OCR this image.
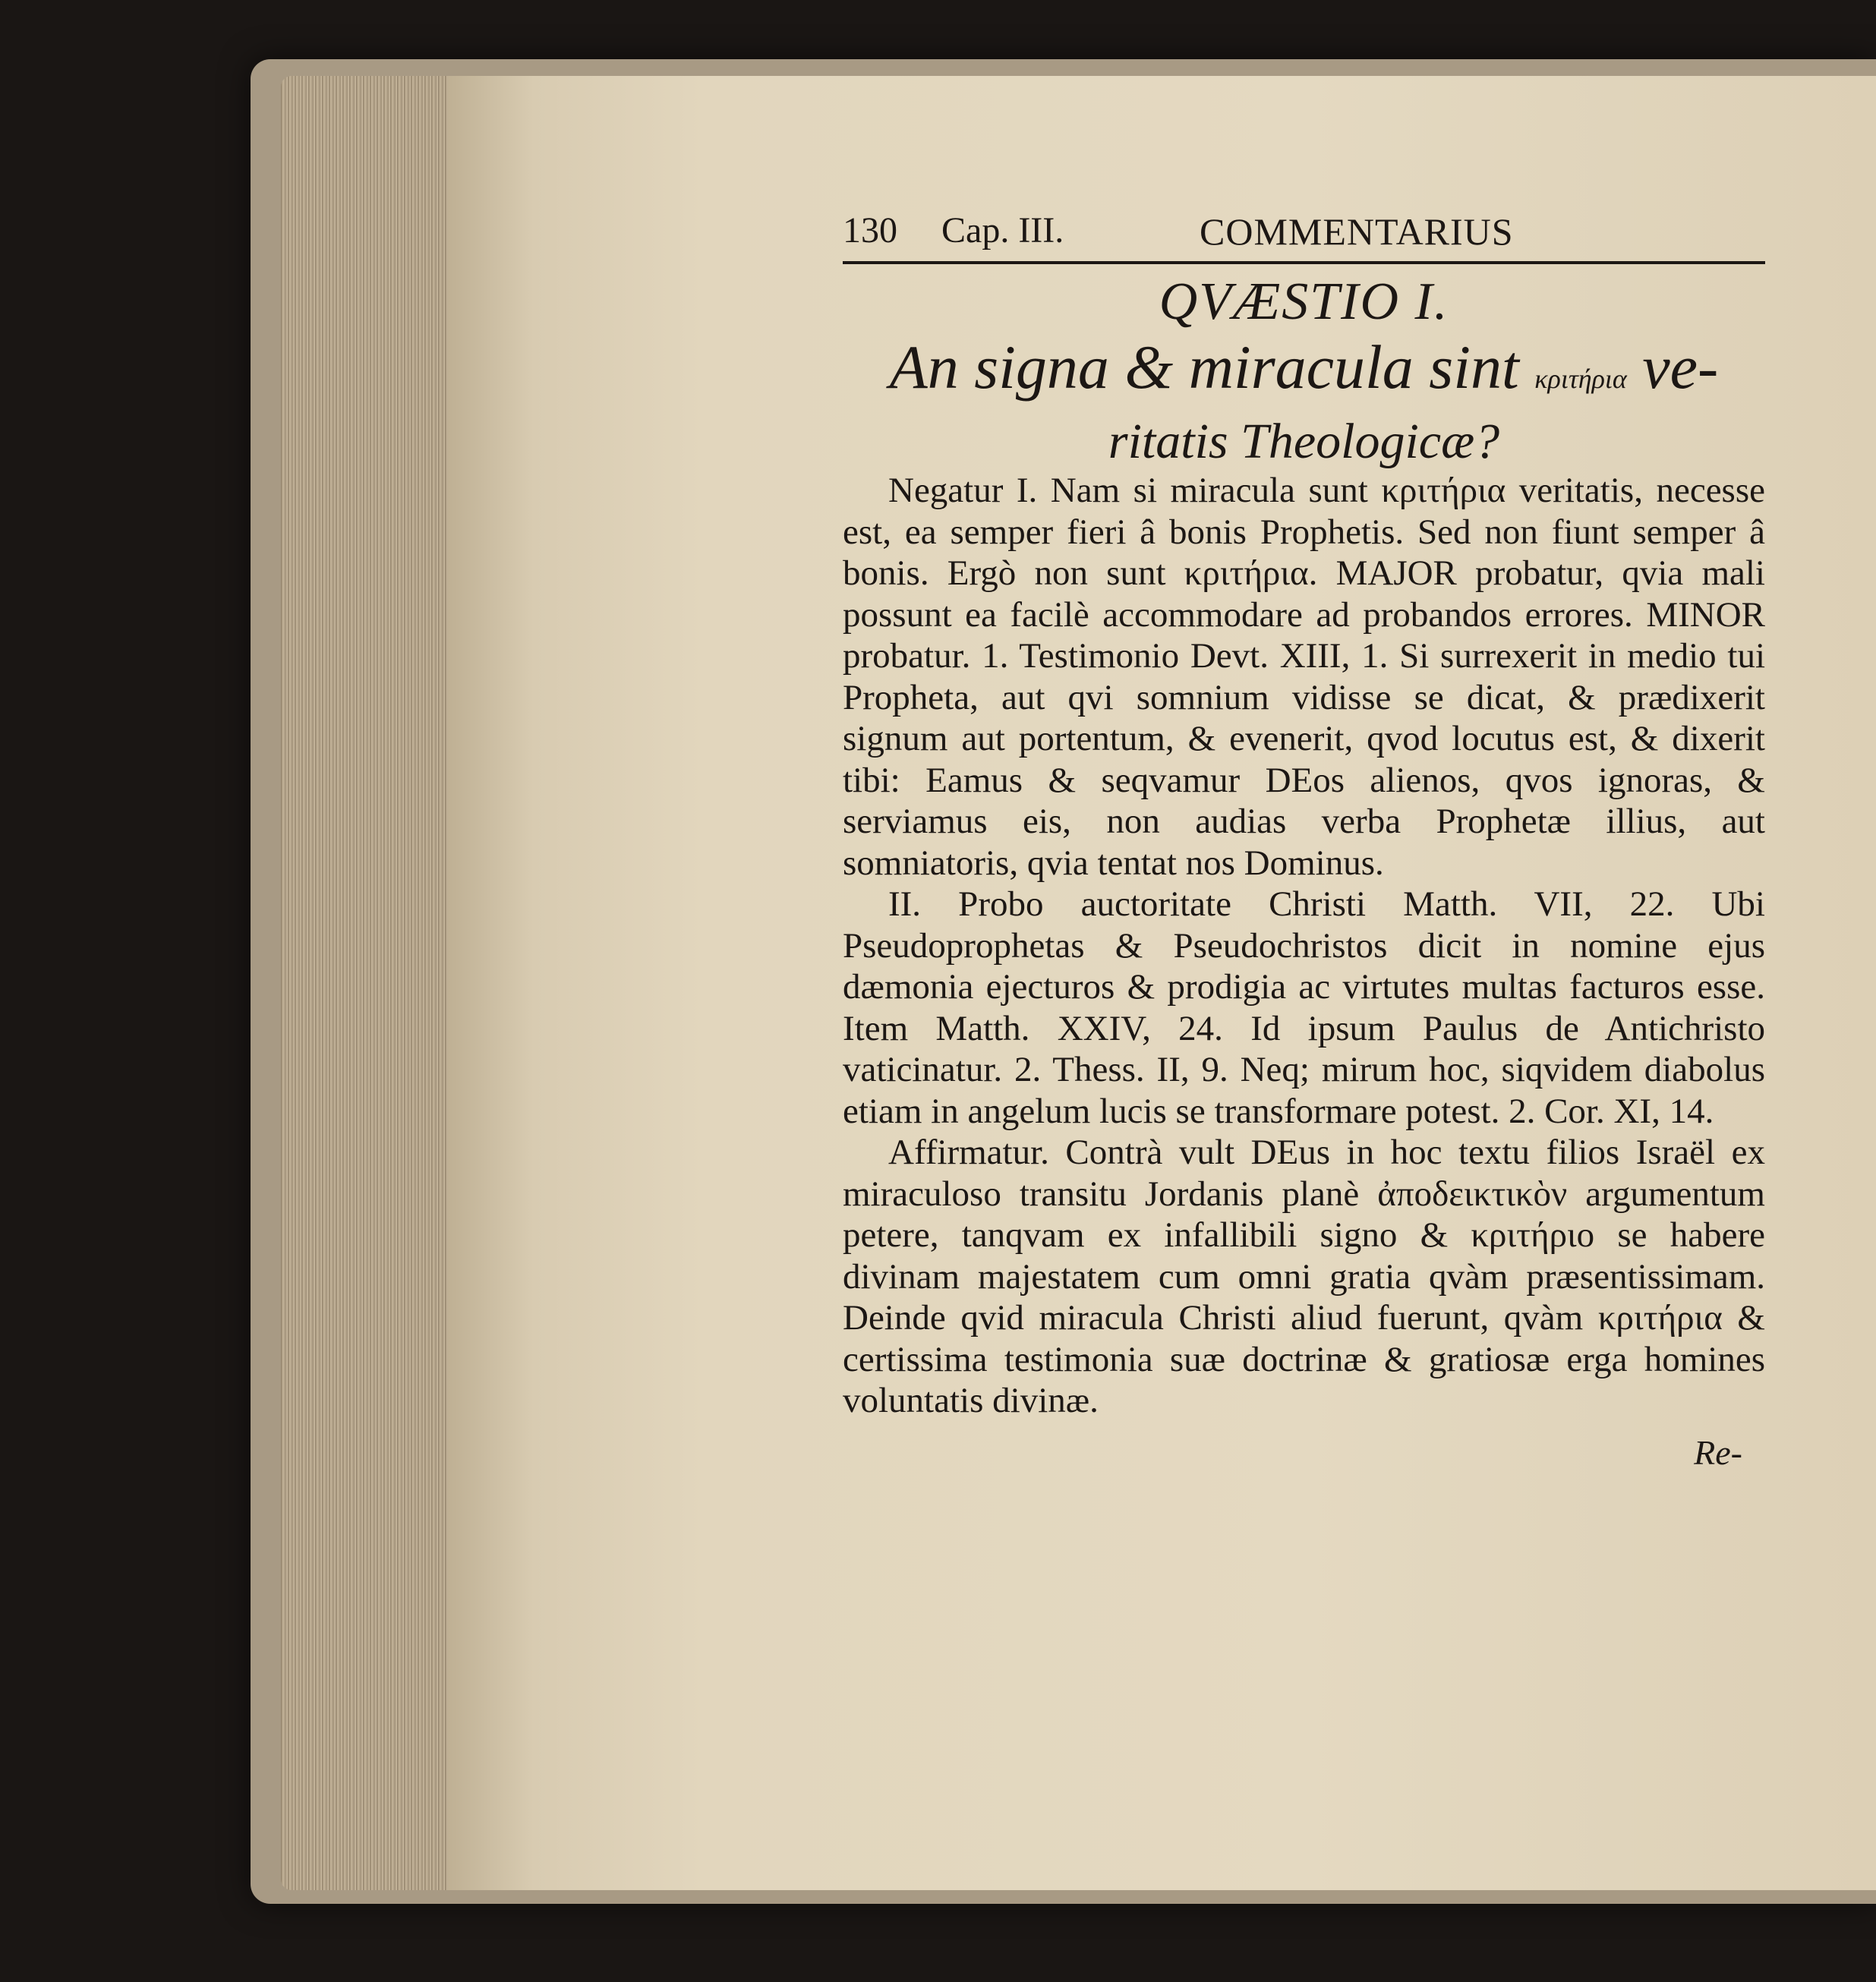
130 Cap. III.	COMMENTARIUS
QVÆSTIO I.
An signa & miracula sint κριτήρια ve-
ritatis Theologicæ?

Negatur I. Nam si miracula sunt κριτήρια veritatis, necesse est, ea semper fieri â bonis Prophetis. Sed non fiunt semper â bonis. Ergò non sunt κριτήρια. MAJOR probatur, qvia mali possunt ea facilè accommodare ad probandos errores. MINOR probatur. 1. Testimonio Devt. XIII, 1. Si surrexerit in medio tui Propheta, aut qvi somnium vidisse se dicat, & prædixerit signum aut portentum, & evenerit, qvod locutus est, & dixerit tibi: Eamus & seqvamur DEos alienos, qvos ignoras, & serviamus eis, non audias verba Prophetæ illius, aut somniatoris, qvia tentat nos Dominus.

II. Probo auctoritate Christi Matth. VII, 22. Ubi Pseudoprophetas & Pseudochristos dicit in nomine ejus dæmonia ejecturos & prodigia ac virtutes multas facturos esse. Item Matth. XXIV, 24. Id ipsum Paulus de Antichristo vaticinatur. 2. Thess. II, 9. Neq; mirum hoc, siqvidem diabolus etiam in angelum lucis se transformare potest. 2. Cor. XI, 14.

Affirmatur. Contrà vult DEus in hoc textu filios Israël ex miraculoso transitu Jordanis planè ἀποδεικτικὸν argumentum petere, tanqvam ex infallibili signo & κριτήριο se habere divinam majestatem cum omni gratia qvàm præsentissimam. Deinde qvid miracula Christi aliud fuerunt, qvàm κριτήρια & certissima testimonia suæ doctrinæ & gratiosæ erga homines voluntatis divinæ.

Re-
